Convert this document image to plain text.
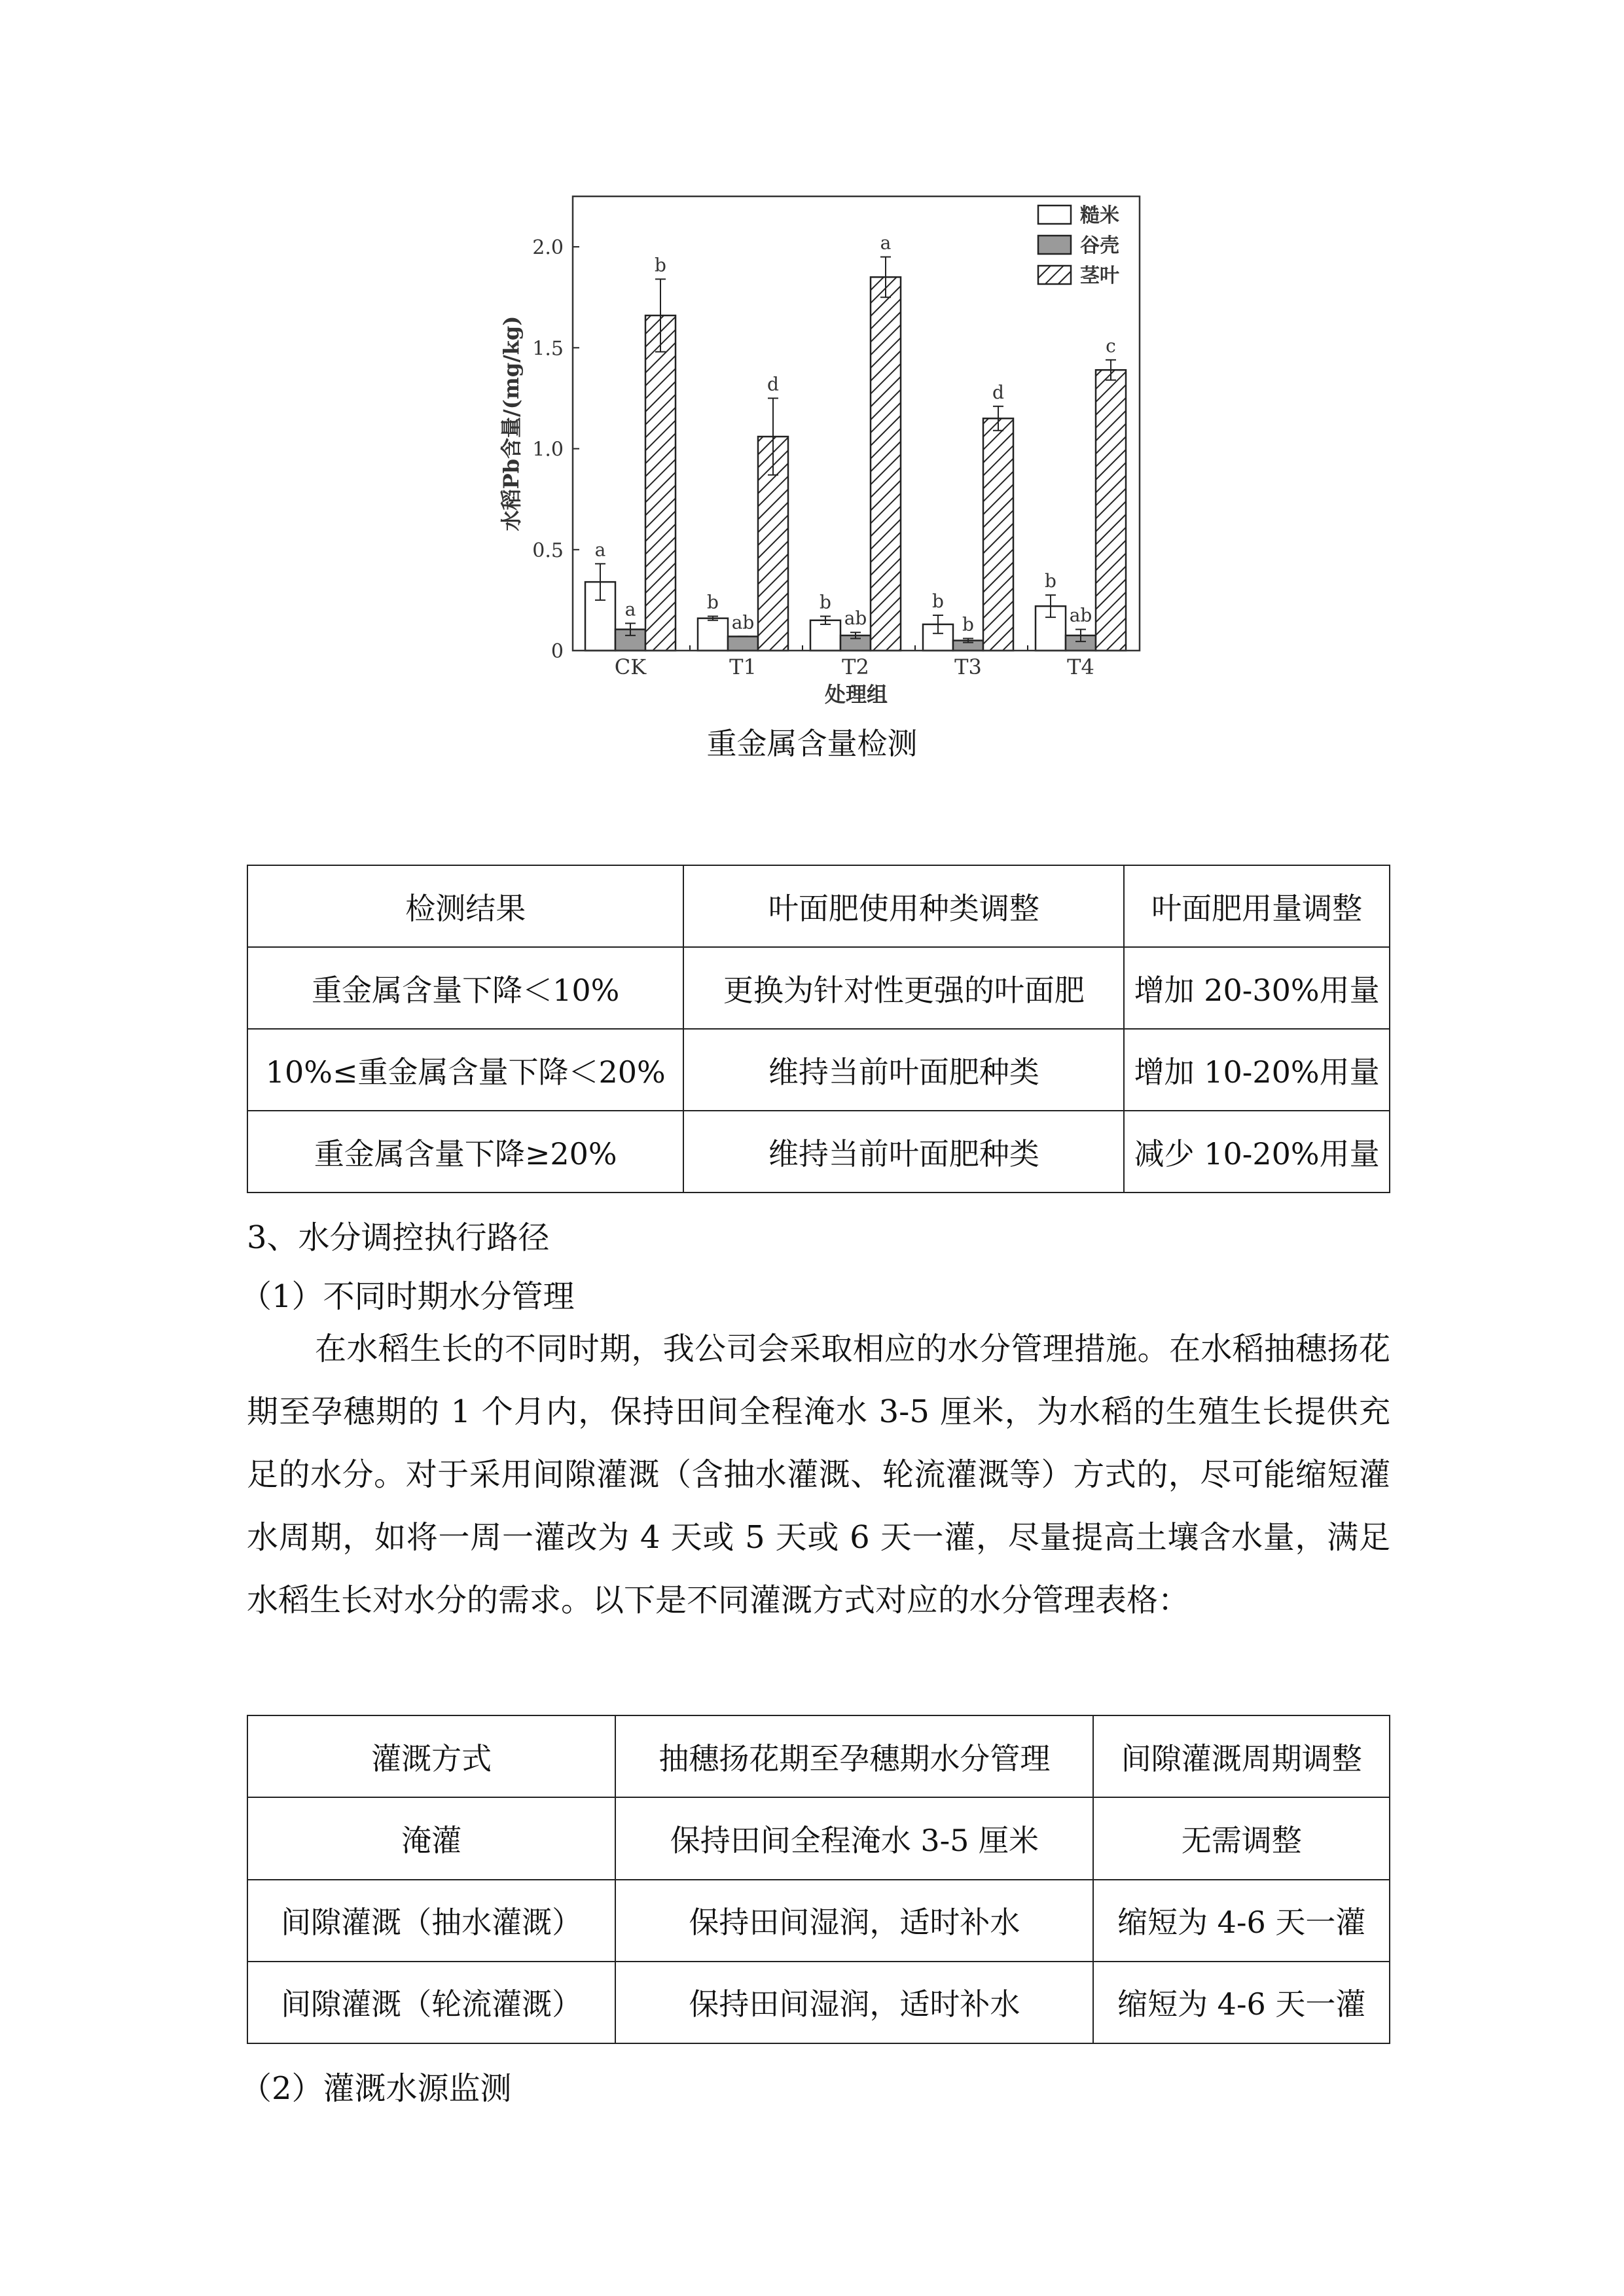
a
a
b
CK
b
ab
d
T1
b
ab
a
T2
b
b
d
T3
b
ab
c
T4
0
0.5
1.0
1.5
2.0
糙米
谷壳
茎叶
水稻Pb含量/(mg/kg)
处理组
重金属含量检测
检测结果	叶面肥使用种类调整	叶面肥用量调整
重金属含量下降＜10%	更换为针对性更强的叶面肥	增加 20-30%用量
10%≤重金属含量下降＜20%	维持当前叶面肥种类	增加 10-20%用量
重金属含量下降≥20%	维持当前叶面肥种类	减少 10-20%用量
3、水分调控执行路径
（1）不同时期水分管理
在水稻生长的不同时期，我公司会采取相应的水分管理措施。在水稻抽穗扬花期至孕穗期的 1 个月内，保持田间全程淹水 3-5 厘米，为水稻的生殖生长提供充足的水分。对于采用间隙灌溉（含抽水灌溉、轮流灌溉等）方式的，尽可能缩短灌水周期，如将一周一灌改为 4 天或 5 天或 6 天一灌，尽量提高土壤含水量，满足水稻生长对水分的需求。以下是不同灌溉方式对应的水分管理表格：
灌溉方式	抽穗扬花期至孕穗期水分管理	间隙灌溉周期调整
淹灌	保持田间全程淹水 3-5 厘米	无需调整
间隙灌溉（抽水灌溉）	保持田间湿润，适时补水	缩短为 4-6 天一灌
间隙灌溉（轮流灌溉）	保持田间湿润，适时补水	缩短为 4-6 天一灌
（2）灌溉水源监测
